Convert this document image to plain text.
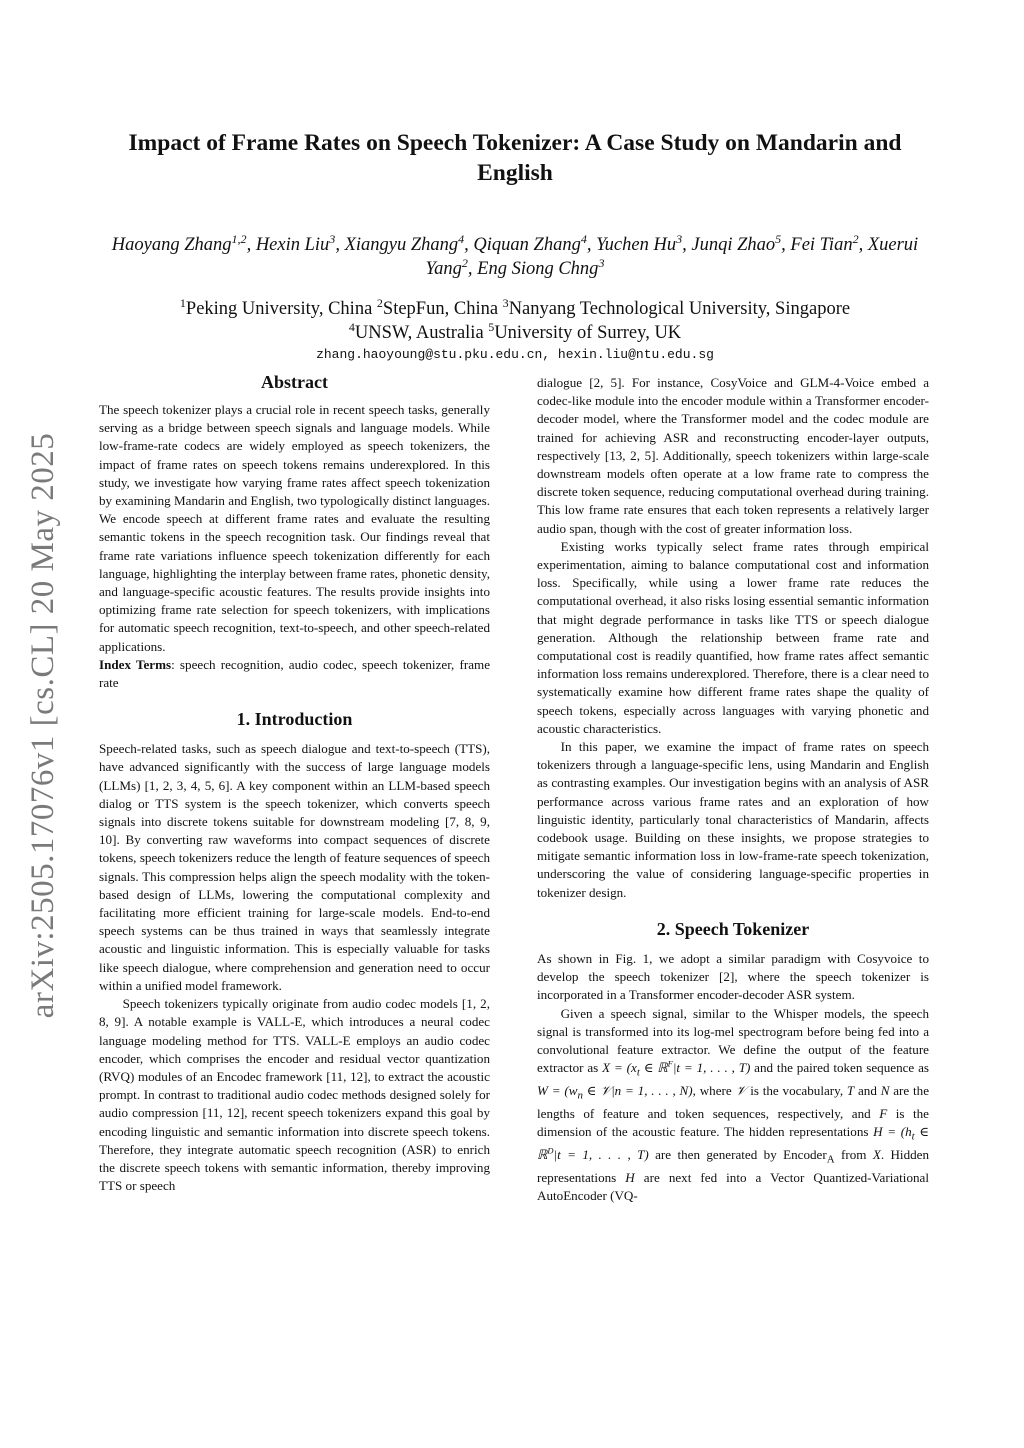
arXiv:2505.17076v1 [cs.CL] 20 May 2025
Impact of Frame Rates on Speech Tokenizer: A Case Study on Mandarin and English
Haoyang Zhang$^{1,2}$, Hexin Liu$^3$, Xiangyu Zhang$^4$, Qiquan Zhang$^4$, Yuchen Hu$^3$, Junqi Zhao$^5$, Fei Tian$^2$, Xuerui Yang$^2$, Eng Siong Chng$^3$
$^1$Peking University, China $^2$StepFun, China $^3$Nanyang Technological University, Singapore
$^4$UNSW, Australia $^5$University of Surrey, UK
zhang.haoyoung@stu.pku.edu.cn, hexin.liu@ntu.edu.sg
Abstract

The speech tokenizer plays a crucial role in recent speech tasks, generally serving as a bridge between speech signals and language models. While low-frame-rate codecs are widely employed as speech tokenizers, the impact of frame rates on speech tokens remains underexplored. In this study, we investigate how varying frame rates affect speech tokenization by examining Mandarin and English, two typologically distinct languages. We encode speech at different frame rates and evaluate the resulting semantic tokens in the speech recognition task. Our findings reveal that frame rate variations influence speech tokenization differently for each language, highlighting the interplay between frame rates, phonetic density, and language-specific acoustic features. The results provide insights into optimizing frame rate selection for speech tokenizers, with implications for automatic speech recognition, text-to-speech, and other speech-related applications.

Index Terms: speech recognition, audio codec, speech tokenizer, frame rate

1. Introduction

Speech-related tasks, such as speech dialogue and text-to-speech (TTS), have advanced significantly with the success of large language models (LLMs) [1, 2, 3, 4, 5, 6]. A key component within an LLM-based speech dialog or TTS system is the speech tokenizer, which converts speech signals into discrete tokens suitable for downstream modeling [7, 8, 9, 10]. By converting raw waveforms into compact sequences of discrete tokens, speech tokenizers reduce the length of feature sequences of speech signals. This compression helps align the speech modality with the token-based design of LLMs, lowering the computational complexity and facilitating more efficient training for large-scale models. End-to-end speech systems can be thus trained in ways that seamlessly integrate acoustic and linguistic information. This is especially valuable for tasks like speech dialogue, where comprehension and generation need to occur within a unified model framework.

Speech tokenizers typically originate from audio codec models [1, 2, 8, 9]. A notable example is VALL-E, which introduces a neural codec language modeling method for TTS. VALL-E employs an audio codec encoder, which comprises the encoder and residual vector quantization (RVQ) modules of an Encodec framework [11, 12], to extract the acoustic prompt. In contrast to traditional audio codec methods designed solely for audio compression [11, 12], recent speech tokenizers expand this goal by encoding linguistic and semantic information into discrete speech tokens. Therefore, they integrate automatic speech recognition (ASR) to enrich the discrete speech tokens with semantic information, thereby improving TTS or speech

dialogue [2, 5]. For instance, CosyVoice and GLM-4-Voice embed a codec-like module into the encoder module within a Transformer encoder-decoder model, where the Transformer model and the codec module are trained for achieving ASR and reconstructing encoder-layer outputs, respectively [13, 2, 5]. Additionally, speech tokenizers within large-scale downstream models often operate at a low frame rate to compress the discrete token sequence, reducing computational overhead during training. This low frame rate ensures that each token represents a relatively larger audio span, though with the cost of greater information loss.

Existing works typically select frame rates through empirical experimentation, aiming to balance computational cost and information loss. Specifically, while using a lower frame rate reduces the computational overhead, it also risks losing essential semantic information that might degrade performance in tasks like TTS or speech dialogue generation. Although the relationship between frame rate and computational cost is readily quantified, how frame rates affect semantic information loss remains underexplored. Therefore, there is a clear need to systematically examine how different frame rates shape the quality of speech tokens, especially across languages with varying phonetic and acoustic characteristics.

In this paper, we examine the impact of frame rates on speech tokenizers through a language-specific lens, using Mandarin and English as contrasting examples. Our investigation begins with an analysis of ASR performance across various frame rates and an exploration of how linguistic identity, particularly tonal characteristics of Mandarin, affects codebook usage. Building on these insights, we propose strategies to mitigate semantic information loss in low-frame-rate speech tokenization, underscoring the value of considering language-specific properties in tokenizer design.

2. Speech Tokenizer

As shown in Fig. 1, we adopt a similar paradigm with Cosyvoice to develop the speech tokenizer [2], where the speech tokenizer is incorporated in a Transformer encoder-decoder ASR system.

Given a speech signal, similar to the Whisper models, the speech signal is transformed into its log-mel spectrogram before being fed into a convolutional feature extractor. We define the output of the feature extractor as $X = (x_t$ ∈ ℝ$^F$|t = 1, . . . , T) and the paired token sequence as $W = (w_n$ ∈ 𝒱|n = 1, . . . , N), where 𝒱 is the vocabulary, T and N are the lengths of feature and token sequences, respectively, and F is the dimension of the acoustic feature. The hidden representations $H = (h_t$ ∈ ℝ$^D$|t = 1, . . . , T) are then generated by Encoder$_A$ from X. Hidden representations H are next fed into a Vector Quantized-Variational AutoEncoder (VQ-
